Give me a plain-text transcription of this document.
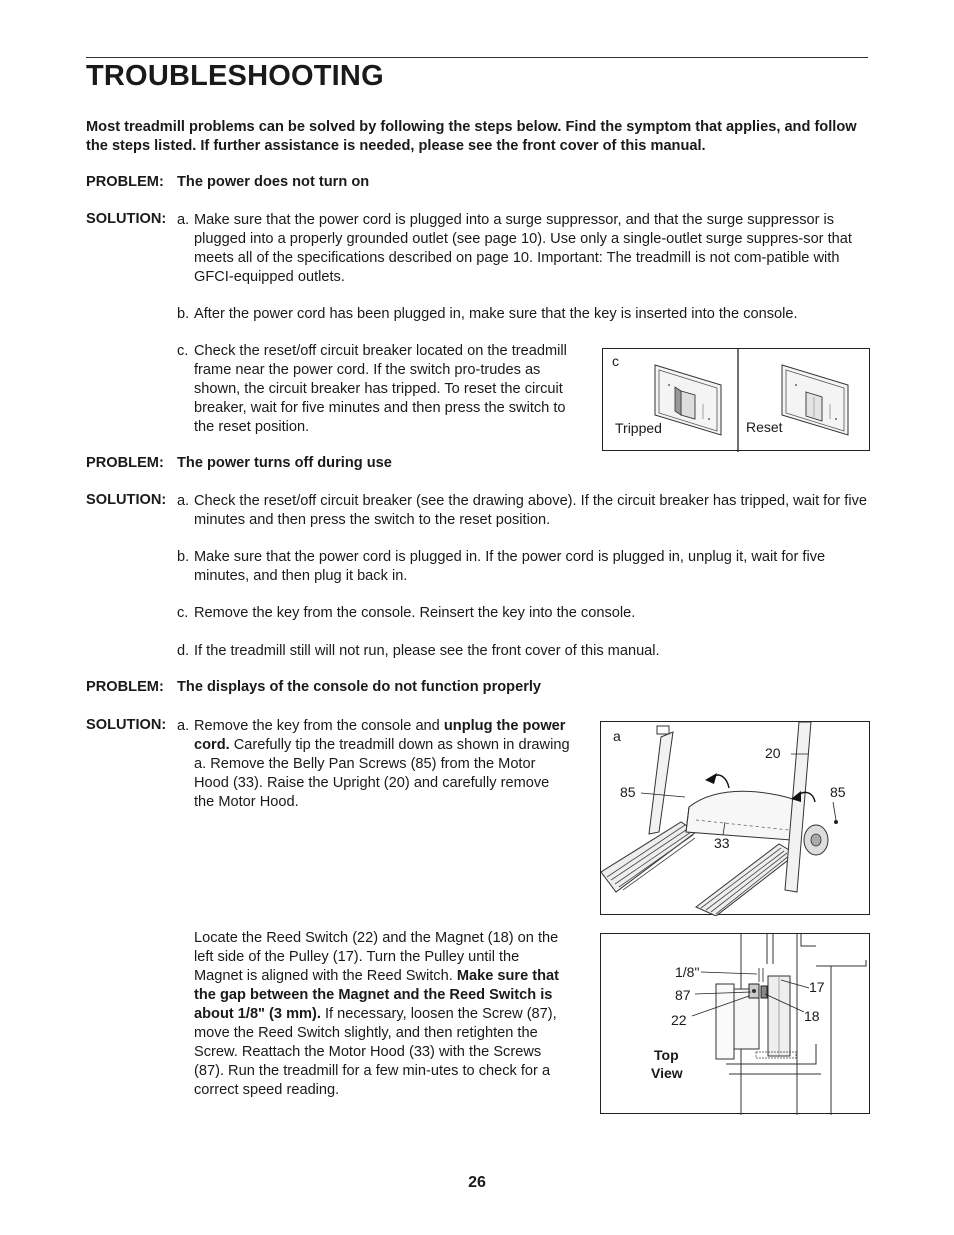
TROUBLESHOOTING
Most treadmill problems can be solved by following the steps below. Find the symptom that applies, and follow the steps listed. If further assistance is needed, please see the front cover of this manual.
PROBLEM: The power does not turn on
SOLUTION: a. Make sure that the power cord is plugged into a surge suppressor, and that the surge suppressor is plugged into a properly grounded outlet (see page 10). Use only a single-outlet surge suppres-sor that meets all of the specifications described on page 10. Important: The treadmill is not com-patible with GFCI-equipped outlets.
b. After the power cord has been plugged in, make sure that the key is inserted into the console.
c. Check the reset/off circuit breaker located on the treadmill frame near the power cord. If the switch pro-trudes as shown, the circuit breaker has tripped. To reset the circuit breaker, wait for five minutes and then press the switch to the reset position.
c
Tripped	Reset
PROBLEM: The power turns off during use
SOLUTION: a. Check the reset/off circuit breaker (see the drawing above). If the circuit breaker has tripped, wait for five minutes and then press the switch to the reset position.
b. Make sure that the power cord is plugged in. If the power cord is plugged in, unplug it, wait for five minutes, and then plug it back in.
c. Remove the key from the console. Reinsert the key into the console.
d. If the treadmill still will not run, please see the front cover of this manual.
PROBLEM: The displays of the console do not function properly
SOLUTION: a. Remove the key from the console and unplug the power cord. Carefully tip the treadmill down as shown in drawing a. Remove the Belly Pan Screws (85) from the Motor Hood (33). Raise the Upright (20) and carefully remove the Motor Hood.
Locate the Reed Switch (22) and the Magnet (18) on the left side of the Pulley (17). Turn the Pulley until the Magnet is aligned with the Reed Switch. Make sure that the gap between the Magnet and the Reed Switch is about 1/8" (3 mm). If necessary, loosen the Screw (87), move the Reed Switch slightly, and then retighten the Screw. Reattach the Motor Hood (33) with the Screws (87). Run the treadmill for a few min-utes to check for a correct speed reading.
a
20
85	85
33
1/8"
87
22
17
18
Top
View
26
